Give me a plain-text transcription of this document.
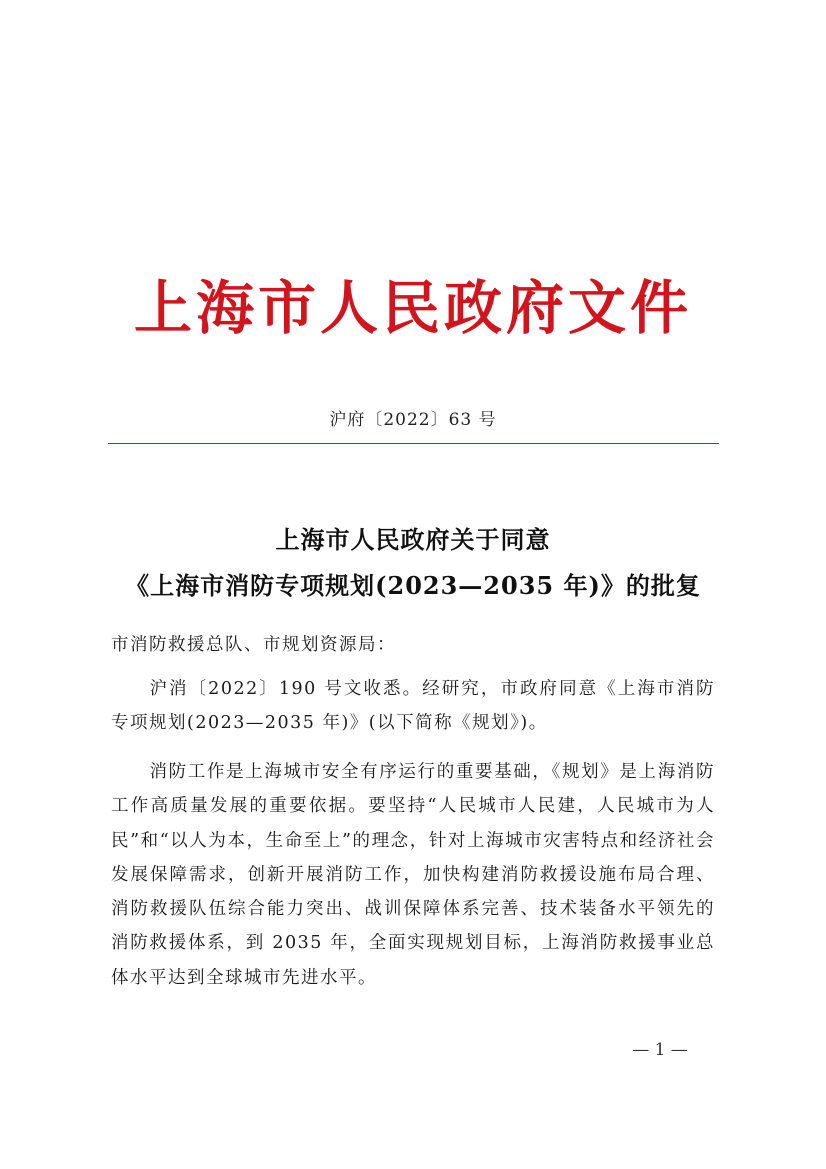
上海市人民政府文件
沪府〔2022〕63 号
上海市人民政府关于同意
《上海市消防专项规划(2023—2035 年)》的批复
市消防救援总队、市规划资源局：
沪消〔2022〕190 号文收悉。经研究，市政府同意《上海市消防专项规划(2023—2035 年)》(以下简称《规划》)。
消防工作是上海城市安全有序运行的重要基础，《规划》是上海消防工作高质量发展的重要依据。要坚持“人民城市人民建，人民城市为人民”和“以人为本，生命至上”的理念，针对上海城市灾害特点和经济社会发展保障需求，创新开展消防工作，加快构建消防救援设施布局合理、消防救援队伍综合能力突出、战训保障体系完善、技术装备水平领先的消防救援体系，到 2035 年，全面实现规划目标，上海消防救援事业总体水平达到全球城市先进水平。
— 1 —
